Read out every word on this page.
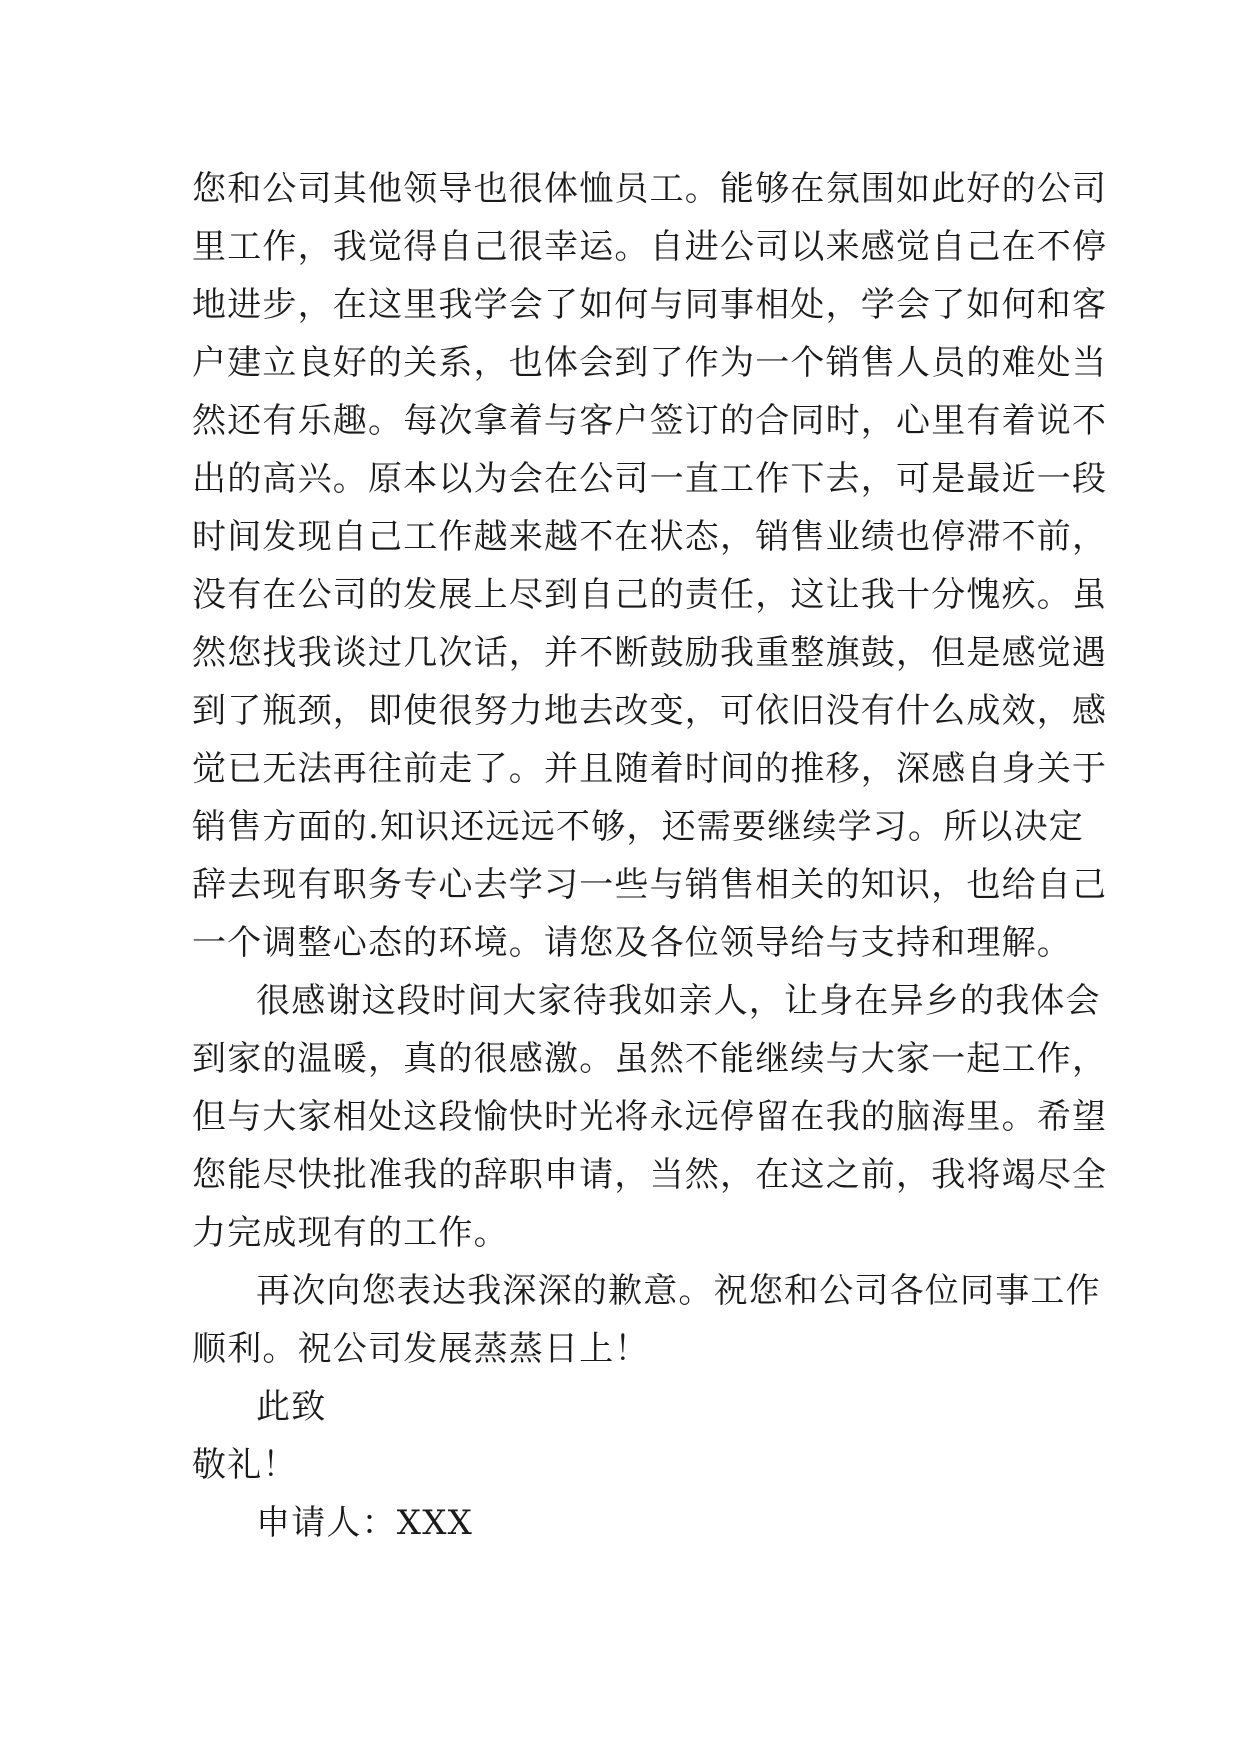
您和公司其他领导也很体恤员工。能够在氛围如此好的公司
里工作，我觉得自己很幸运。自进公司以来感觉自己在不停
地进步，在这里我学会了如何与同事相处，学会了如何和客
户建立良好的关系，也体会到了作为一个销售人员的难处当
然还有乐趣。每次拿着与客户签订的合同时，心里有着说不
出的高兴。原本以为会在公司一直工作下去，可是最近一段
时间发现自己工作越来越不在状态，销售业绩也停滞不前，
没有在公司的发展上尽到自己的责任，这让我十分愧疚。虽
然您找我谈过几次话，并不断鼓励我重整旗鼓，但是感觉遇
到了瓶颈，即使很努力地去改变，可依旧没有什么成效，感
觉已无法再往前走了。并且随着时间的推移，深感自身关于
销售方面的.知识还远远不够，还需要继续学习。所以决定
辞去现有职务专心去学习一些与销售相关的知识，也给自己
一个调整心态的环境。请您及各位领导给与支持和理解。
很感谢这段时间大家待我如亲人，让身在异乡的我体会
到家的温暖，真的很感激。虽然不能继续与大家一起工作，
但与大家相处这段愉快时光将永远停留在我的脑海里。希望
您能尽快批准我的辞职申请，当然，在这之前，我将竭尽全
力完成现有的工作。
再次向您表达我深深的歉意。祝您和公司各位同事工作
顺利。祝公司发展蒸蒸日上！
此致
敬礼！
申请人：XXX
